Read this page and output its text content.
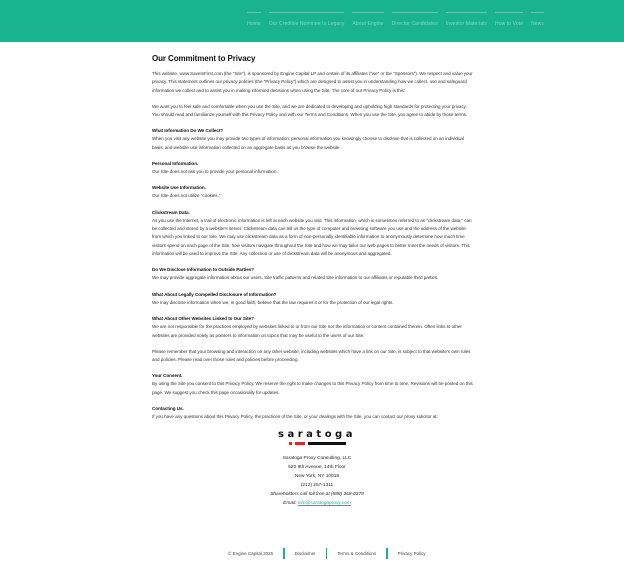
Home Our Credible Nominee Is Legacy About Engine Director Candidates Investor Materials How to Vote News
Our Commitment to Privacy

This website, www.SaveInFirst.com (the "Site"), is sponsored by Engine Capital LP and certain of its affiliates ("we" or the "Sponsors"). We respect and value your privacy. This statement outlines our privacy policies (the "Privacy Policy") which are designed to assist you in understanding how we collect, use and safeguard information we collect and to assist you in making informed decisions when using the Site. The core of our Privacy Policy is this:

We want you to feel safe and comfortable when you use the Site, and we are dedicated to developing and upholding high standards for protecting your privacy. You should read and familiarize yourself with this Privacy Policy and with our Terms and Conditions. When you use the Site, you agree to abide by those terms.

What Information Do We Collect?
When you visit any website you may provide two types of information: personal information you knowingly choose to disclose that is collected on an individual basis, and website use information collected on an aggregate basis as you browse the website.

Personal Information.
Our Site does not ask you to provide your personal information.

Website Use Information.
Our Site does not utilize "cookies."

Clickstream Data.
As you use the Internet, a trail of electronic information is left at each website you visit. This information, which is sometimes referred to as "clickstream data," can be collected and stored by a website's server. Clickstream data can tell us the type of computer and browsing software you use and the address of the website from which you linked to our Site. We may use clickstream data as a form of non-personally identifiable information to anonymously determine how much time visitors spend on each page of the Site, how visitors navigate throughout the Site and how we may tailor our web pages to better meet the needs of visitors. This information will be used to improve the Site. Any collection or use of clickstream data will be anonymous and aggregated.

Do We Disclose Information to Outside Parties?
We may provide aggregate information about our users, Site traffic patterns and related Site information to our affiliates or reputable third parties.

What About Legally Compelled Disclosure of Information?
We may disclose information when we, in good faith, believe that the law requires it or for the protection of our legal rights.

What About Other Websites Linked to Our Site?
We are not responsible for the practices employed by websites linked to or from our Site nor the information or content contained therein. Often links to other websites are provided solely as pointers to information on topics that may be useful to the users of our Site.

Please remember that your browsing and interaction on any other website, including websites which have a link on our Site, is subject to that website's own rules and policies. Please read over those rules and policies before proceeding.

Your Consent.
By using the Site you consent to this Privacy Policy. We reserve the right to make changes to this Privacy Policy from time to time. Revisions will be posted on this page. We suggest you check this page occasionally for updates.

Contacting Us.
If you have any questions about this Privacy Policy, the practices of the Site, or your dealings with the Site, you can contact our proxy solicitor at:

saratoga
Saratoga Proxy Consulting, LLC
520 8th Avenue, 14th Floor
New York, NY 10018
(212) 257-1311
Shareholders call toll free at (888) 368-0379
Email: info@saratogaproxy.com
© Engine Capital 2025	Disclaimer	Terms & Conditions	Privacy Policy
